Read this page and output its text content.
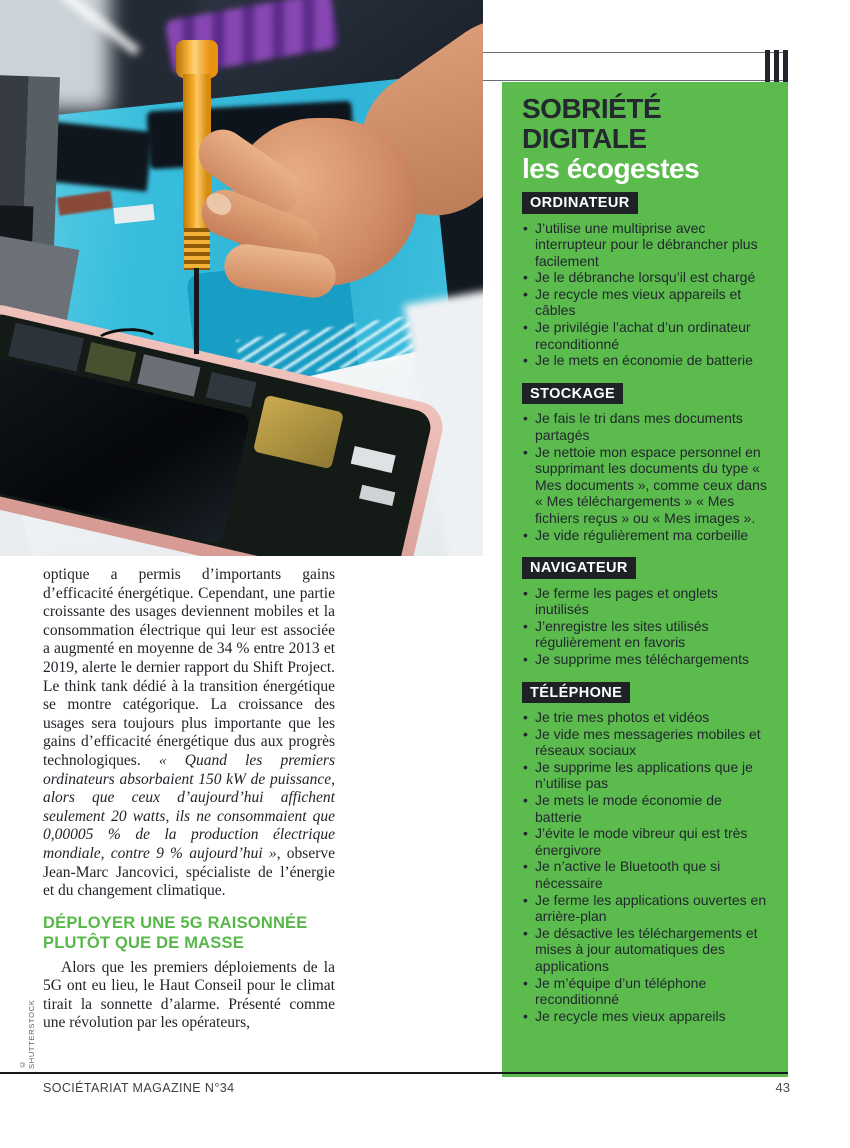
SOBRIÉTÉ
DIGITALE
les écogestes
ORDINATEUR
• J’utilise une multiprise avec interrupteur pour le débrancher plus facilement
• Je le débranche lorsqu’il est chargé
• Je recycle mes vieux appareils et câbles
• Je privilégie l’achat d’un ordinateur reconditionné
• Je le mets en économie de batterie
STOCKAGE
• Je fais le tri dans mes documents partagés
• Je nettoie mon espace personnel en supprimant les documents du type « Mes documents », comme ceux dans « Mes téléchargements » « Mes fichiers reçus » ou « Mes images ».
• Je vide régulièrement ma corbeille
NAVIGATEUR
• Je ferme les pages et onglets inutilisés
• J’enregistre les sites utilisés régulièrement en favoris
• Je supprime mes téléchargements
TÉLÉPHONE
• Je trie mes photos et vidéos
• Je vide mes messageries mobiles et réseaux sociaux
• Je supprime les applications que je n’utilise pas
• Je mets le mode économie de batterie
• J’évite le mode vibreur qui est très énergivore
• Je n’active le Bluetooth que si nécessaire
• Je ferme les applications ouvertes en arrière-plan
• Je désactive les téléchargements et mises à jour automatiques des applications
• Je m’équipe d’un téléphone reconditionné
• Je recycle mes vieux appareils

optique a permis d’importants gains d’efficacité énergétique. Cependant, une partie croissante des usages deviennent mobiles et la consommation électrique qui leur est associée a augmenté en moyenne de 34 % entre 2013 et 2019, alerte le dernier rapport du Shift Project. Le think tank dédié à la transition énergétique se montre catégorique. La croissance des usages sera toujours plus importante que les gains d’efficacité énergétique dus aux progrès technologiques. « Quand les premiers ordinateurs absorbaient 150 kW de puissance, alors que ceux d’aujourd’hui affichent seulement 20 watts, ils ne consommaient que 0,00005 % de la production électrique mondiale, contre 9 % aujourd’hui », observe Jean-Marc Jancovici, spécialiste de l’énergie et du changement climatique.

DÉPLOYER UNE 5G RAISONNÉE
PLUTÔT QUE DE MASSE

Alors que les premiers déploiements de la 5G ont eu lieu, le Haut Conseil pour le climat tirait la sonnette d’alarme. Présenté comme une révolution par les opérateurs,

© SHUTTERSTOCK
SOCIÉTARIAT MAGAZINE N°34	43
